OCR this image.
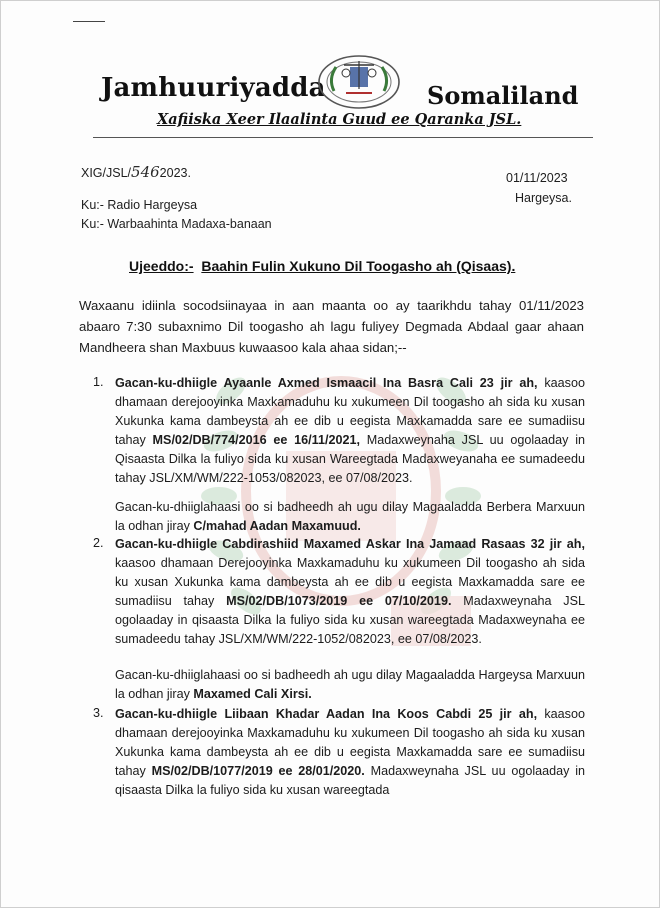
Jamhuuriyadda	Somaliland
Xafiiska Xeer Ilaalinta Guud ee Qaranka JSL.
XIG/JSL/5462023.	01/11/2023
Hargeysa.
Ku:- Radio Hargeysa
Ku:- Warbaahinta Madaxa-banaan
Ujeeddo:- Baahin Fulin Xukuno Dil Toogasho ah (Qisaas).
Waxaanu idiinla socodsiinayaa in aan maanta oo ay taarikhdu tahay 01/11/2023 abaaro 7:30 subaxnimo Dil toogasho ah lagu fuliyey Degmada Abdaal gaar ahaan Mandheera shan Maxbuus kuwaasoo kala ahaa sidan;--
1. Gacan-ku-dhiigle Ayaanle Axmed Ismaacil Ina Basra Cali 23 jir ah, kaasoo dhamaan derejooyinka Maxkamaduhu ku xukumeen Dil toogasho ah sida ku xusan Xukunka kama dambeysta ah ee dib u eegista Maxkamadda sare ee sumadiisu tahay MS/02/DB/774/2016 ee 16/11/2021, Madaxweynaha JSL uu ogolaaday in Qisaasta Dilka la fuliyo sida ku xusan Wareegtada Madaxweyanaha ee sumadeedu tahay JSL/XM/WM/222-1053/082023, ee 07/08/2023.
Gacan-ku-dhiiglahaasi oo si badheedh ah ugu dilay Magaaladda Berbera Marxuun la odhan jiray C/mahad Aadan Maxamuud.
2. Gacan-ku-dhiigle Cabdirashiid Maxamed Askar Ina Jamaad Rasaas 32 jir ah, kaasoo dhamaan Derejooyinka Maxkamaduhu ku xukumeen Dil toogasho ah sida ku xusan Xukunka kama dambeysta ah ee dib u eegista Maxkamadda sare ee sumadiisu tahay MS/02/DB/1073/2019 ee 07/10/2019. Madaxweynaha JSL ogolaaday in qisaasta Dilka la fuliyo sida ku xusan wareegtada Madaxweynaha ee sumadeedu tahay JSL/XM/WM/222-1052/082023, ee 07/08/2023.
Gacan-ku-dhiiglahaasi oo si badheedh ah ugu dilay Magaaladda Hargeysa Marxuun la odhan jiray Maxamed Cali Xirsi.
3. Gacan-ku-dhiigle Liibaan Khadar Aadan Ina Koos Cabdi 25 jir ah, kaasoo dhamaan derejooyinka Maxkamaduhu ku xukumeen Dil toogasho ah sida ku xusan Xukunka kama dambeysta ah ee dib u eegista Maxkamadda sare ee sumadiisu tahay MS/02/DB/1077/2019 ee 28/01/2020. Madaxweynaha JSL uu ogolaaday in qisaasta Dilka la fuliyo sida ku xusan wareegtada
